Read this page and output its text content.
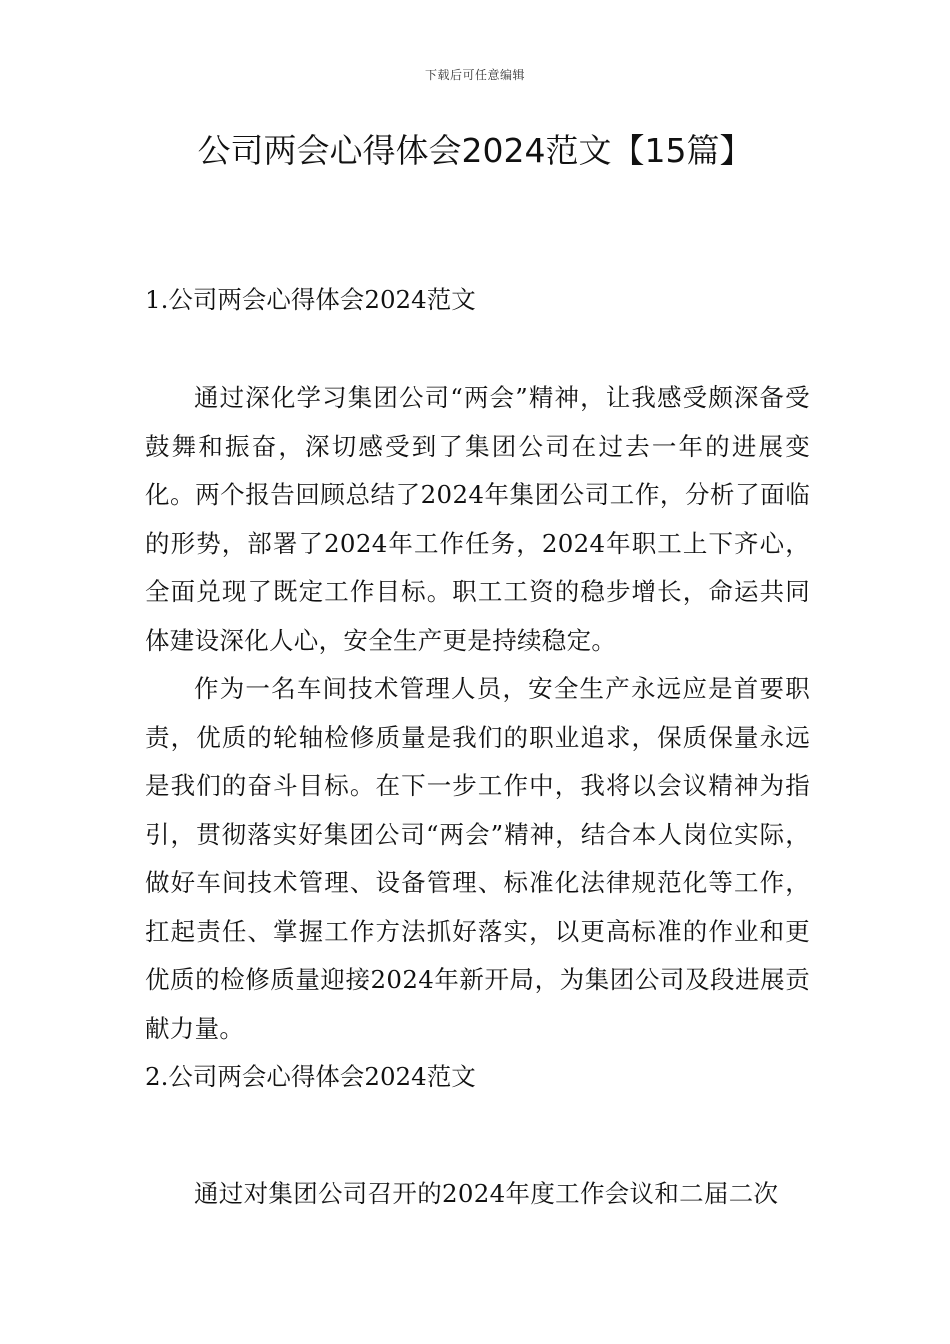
下载后可任意编辑
公司两会心得体会2024范文【15篇】
1.公司两会心得体会2024范文

通过深化学习集团公司“两会”精神，让我感受颇深备受鼓舞和振奋，深切感受到了集团公司在过去一年的进展变化。两个报告回顾总结了2024年集团公司工作，分析了面临的形势，部署了2024年工作任务，2024年职工上下齐心，全面兑现了既定工作目标。职工工资的稳步增长，命运共同体建设深化人心，安全生产更是持续稳定。

作为一名车间技术管理人员，安全生产永远应是首要职责，优质的轮轴检修质量是我们的职业追求，保质保量永远是我们的奋斗目标。在下一步工作中，我将以会议精神为指引，贯彻落实好集团公司“两会”精神，结合本人岗位实际，做好车间技术管理、设备管理、标准化法律规范化等工作，扛起责任、掌握工作方法抓好落实，以更高标准的作业和更优质的检修质量迎接2024年新开局，为集团公司及段进展贡献力量。

2.公司两会心得体会2024范文

通过对集团公司召开的2024年度工作会议和二届二次
